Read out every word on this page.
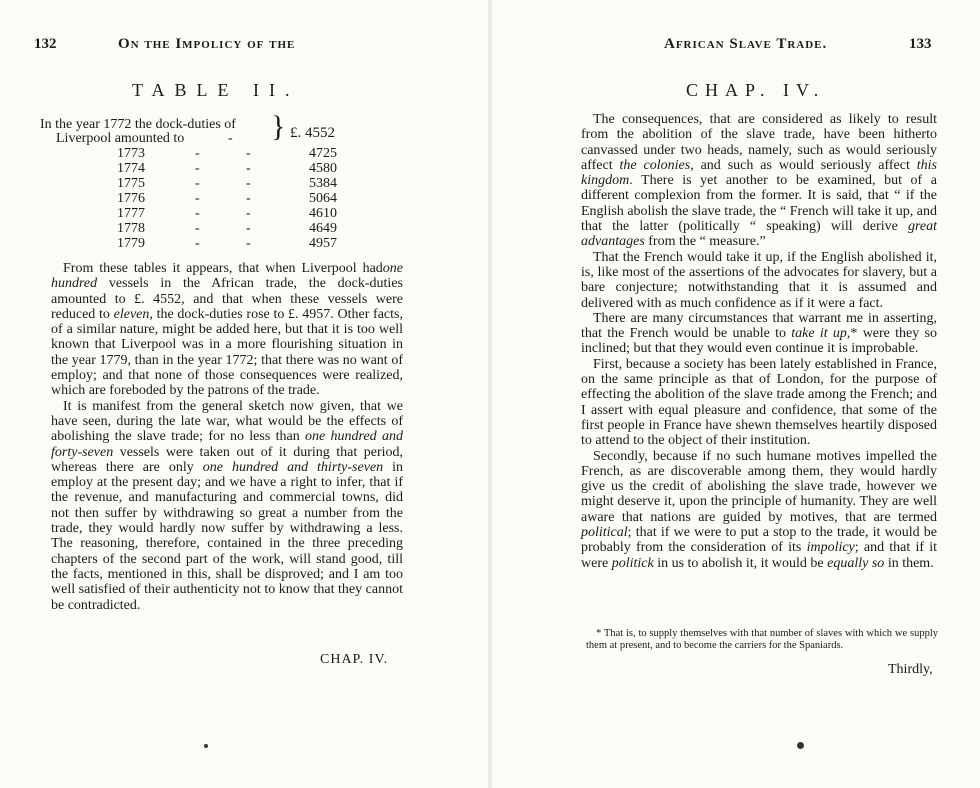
132	On the Impolicy of the
TABLE II.
In the year 1772 the dock-duties of
Liverpool amounted to	- } £. 4552
1773	-	-	4725
1774	-	-	4580
1775	-	-	5384
1776	-	-	5064
1777	-	-	4610
1778	-	-	4649
1779	-	-	4957

From these tables it appears, that when Liverpool hadone hundred vessels in the African trade, the dock-duties amounted to £. 4552, and that when these vessels were reduced to eleven, the dock-duties rose to £. 4957. Other facts, of a similar nature, might be added here, but that it is too well known that Liverpool was in a more flourishing situation in the year 1779, than in the year 1772; that there was no want of employ; and that none of those consequences were realized, which are foreboded by the patrons of the trade.

It is manifest from the general sketch now given, that we have seen, during the late war, what would be the effects of abolishing the slave trade; for no less than one hundred and forty-seven vessels were taken out of it during that period, whereas there are only one hundred and thirty-seven in employ at the present day; and we have a right to infer, that if the revenue, and manufacturing and commercial towns, did not then suffer by withdrawing so great a number from the trade, they would hardly now suffer by withdrawing a less. The reasoning, therefore, contained in the three preceding chapters of the second part of the work, will stand good, till the facts, mentioned in this, shall be disproved; and I am too well satisfied of their authenticity not to know that they cannot be contradicted.

CHAP. IV.
African Slave Trade.	133
CHAP. IV.

The consequences, that are considered as likely to result from the abolition of the slave trade, have been hitherto canvassed under two heads, namely, such as would seriously affect the colonies, and such as would seriously affect this kingdom. There is yet another to be examined, but of a different complexion from the former. It is said, that “ if the English abolish the slave trade, the “ French will take it up, and that the latter (politically “ speaking) will derive great advantages from the “ measure.”

That the French would take it up, if the English abolished it, is, like most of the assertions of the advocates for slavery, but a bare conjecture; notwithstanding that it is assumed and delivered with as much confidence as if it were a fact.

There are many circumstances that warrant me in asserting, that the French would be unable to take it up,* were they so inclined; but that they would even continue it is improbable.

First, because a society has been lately established in France, on the same principle as that of London, for the purpose of effecting the abolition of the slave trade among the French; and I assert with equal pleasure and confidence, that some of the first people in France have shewn themselves heartily disposed to attend to the object of their institution.

Secondly, because if no such humane motives impelled the French, as are discoverable among them, they would hardly give us the credit of abolishing the slave trade, however we might deserve it, upon the principle of humanity. They are well aware that nations are guided by motives, that are termed political; that if we were to put a stop to the trade, it would be probably from the consideration of its impolicy; and that if it were politick in us to abolish it, it would be equally so in them.

* That is, to supply themselves with that number of slaves with which we supply them at present, and to become the carriers for the Spaniards.
Thirdly,
